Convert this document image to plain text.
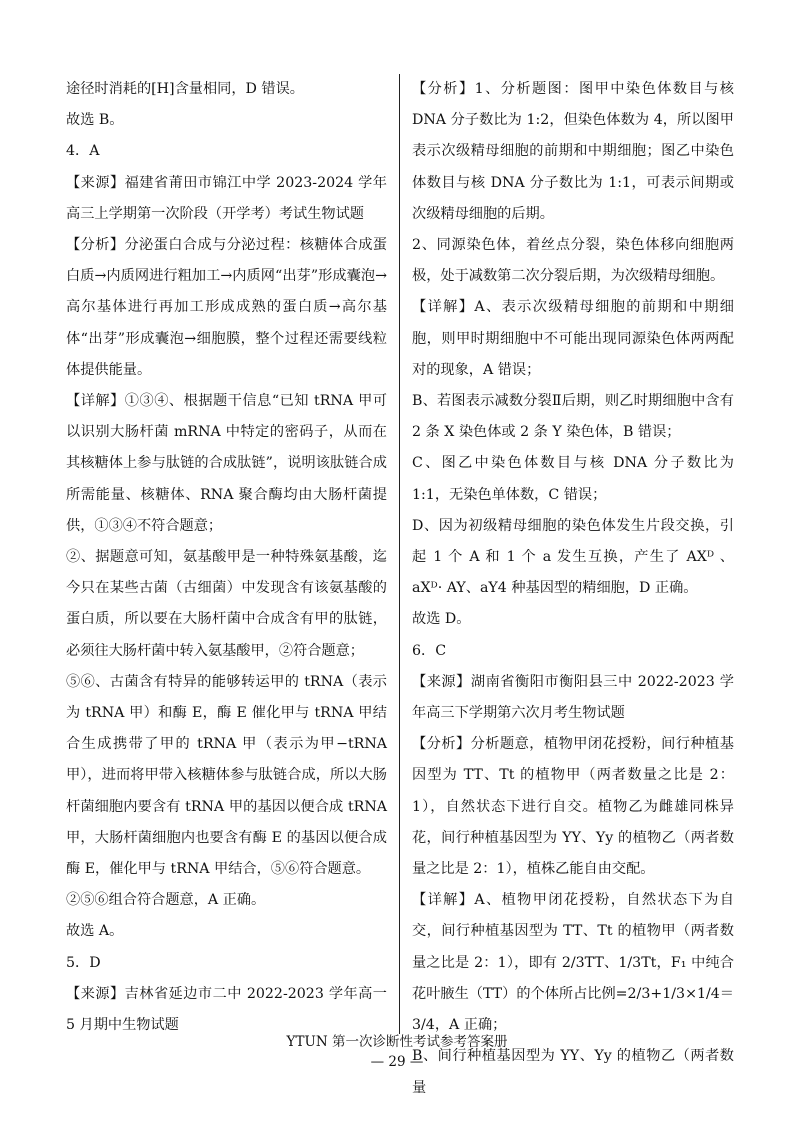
途径时消耗的[H]含量相同，D 错误。

故选 B。

4．A

【来源】福建省莆田市锦江中学 2023-2024 学年高三上学期第一次阶段（开学考）考试生物试题

【分析】分泌蛋白合成与分泌过程：核糖体合成蛋白质→内质网进行粗加工→内质网“出芽”形成囊泡→高尔基体进行再加工形成成熟的蛋白质→高尔基体“出芽”形成囊泡→细胞膜，整个过程还需要线粒体提供能量。

【详解】①③④、根据题干信息“已知 tRNA 甲可以识别大肠杆菌 mRNA 中特定的密码子，从而在其核糖体上参与肽链的合成肽链”，说明该肽链合成所需能量、核糖体、RNA 聚合酶均由大肠杆菌提供，①③④不符合题意；

②、据题意可知，氨基酸甲是一种特殊氨基酸，迄今只在某些古菌（古细菌）中发现含有该氨基酸的蛋白质，所以要在大肠杆菌中合成含有甲的肽链，必须往大肠杆菌中转入氨基酸甲，②符合题意；

⑤⑥、古菌含有特异的能够转运甲的 tRNA（表示为 tRNA 甲）和酶 E，酶 E 催化甲与 tRNA 甲结合生成携带了甲的 tRNA 甲（表示为甲−tRNA 甲），进而将甲带入核糖体参与肽链合成，所以大肠杆菌细胞内要含有 tRNA 甲的基因以便合成 tRNA 甲，大肠杆菌细胞内也要含有酶 E 的基因以便合成酶 E，催化甲与 tRNA 甲结合，⑤⑥符合题意。

②⑤⑥组合符合题意，A 正确。

故选 A。

5．D

【来源】吉林省延边市二中 2022-2023 学年高一 5 月期中生物试题

【分析】1、分析题图：图甲中染色体数目与核 DNA 分子数比为 1:2，但染色体数为 4，所以图甲表示次级精母细胞的前期和中期细胞；图乙中染色体数目与核 DNA 分子数比为 1:1，可表示间期或次级精母细胞的后期。

2、同源染色体，着丝点分裂，染色体移向细胞两极，处于减数第二次分裂后期，为次级精母细胞。

【详解】A、表示次级精母细胞的前期和中期细胞，则甲时期细胞中不可能出现同源染色体两两配对的现象，A 错误；

B、若图表示减数分裂Ⅱ后期，则乙时期细胞中含有 2 条 X 染色体或 2 条 Y 染色体，B 错误；

C、图乙中染色体数目与核 DNA 分子数比为 1:1，无染色单体数，C 错误；

D、因为初级精母细胞的染色体发生片段交换，引起 1 个 A 和 1 个 a 发生互换，产生了 AXᴰ 、 aXᴰ· AY、aY4 种基因型的精细胞，D 正确。

故选 D。

6．C

【来源】湖南省衡阳市衡阳县三中 2022-2023 学年高三下学期第六次月考生物试题

【分析】分析题意，植物甲闭花授粉，间行种植基因型为 TT、Tt 的植物甲（两者数量之比是 2：1），自然状态下进行自交。植物乙为雌雄同株异花，间行种植基因型为 YY、Yy 的植物乙（两者数量之比是 2：1），植株乙能自由交配。

【详解】A、植物甲闭花授粉，自然状态下为自交，间行种植基因型为 TT、Tt 的植物甲（两者数量之比是 2：1），即有 2/3TT、1/3Tt，F₁ 中纯合花叶腋生（TT）的个体所占比例=2/3+1/3×1/4＝3/4，A 正确；

B、间行种植基因型为 YY、Yy 的植物乙（两者数量

YTUN 第一次诊断性考试参考答案册
— 29 —
